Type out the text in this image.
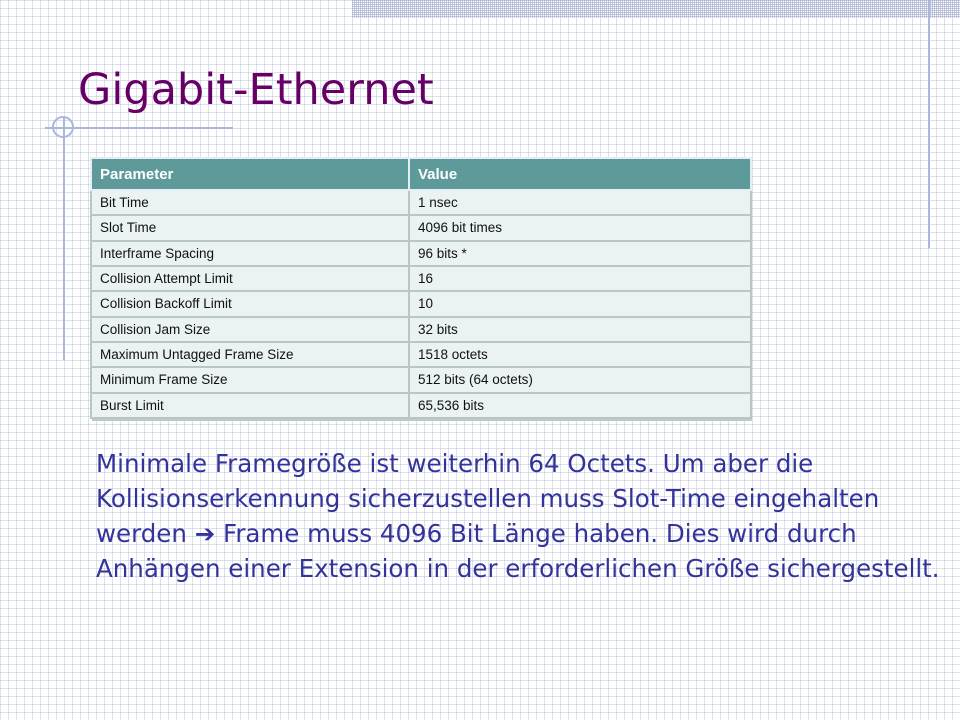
Gigabit-Ethernet
Parameter	Value
Bit Time	1 nsec
Slot Time	4096 bit times
Interframe Spacing	96 bits *
Collision Attempt Limit	16
Collision Backoff Limit	10
Collision Jam Size	32 bits
Maximum Untagged Frame Size	1518 octets
Minimum Frame Size	512 bits (64 octets)
Burst Limit	65,536 bits

Minimale Framegröße ist weiterhin 64 Octets. Um aber die Kollisionserkennung sicherzustellen muss Slot-Time eingehalten werden ➔ Frame muss 4096 Bit Länge haben. Dies wird durch Anhängen einer Extension in der erforderlichen Größe sichergestellt.
